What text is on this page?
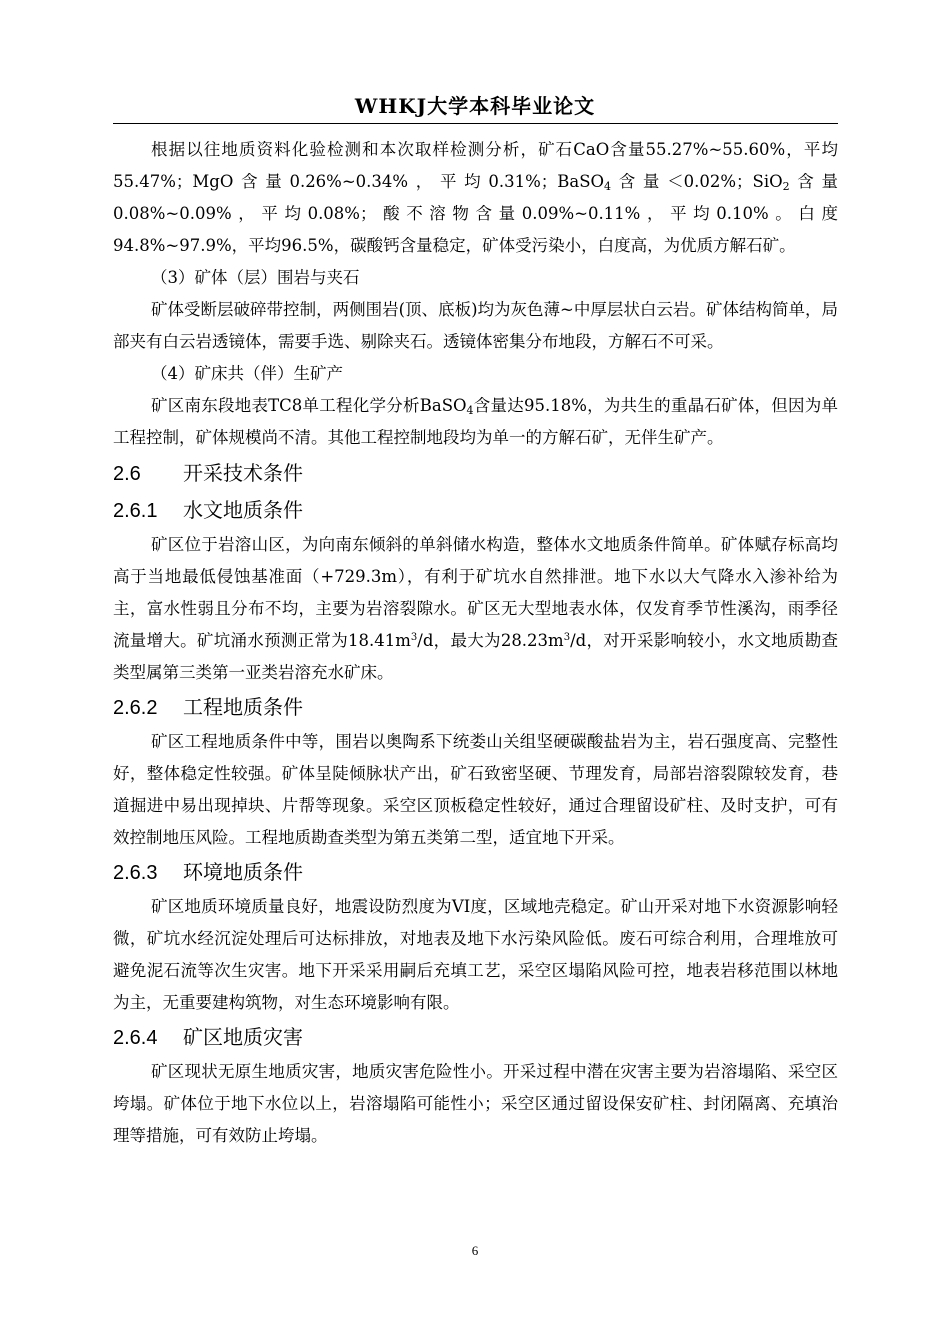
WHKJ大学本科毕业论文

根据以往地质资料化验检测和本次取样检测分析，矿石CaO含量55.27%~55.60%，平均55.47%；MgO含量0.26%~0.34%，平均0.31%；BaSO$_4$含量＜0.02%；SiO$_2$含量0.08%~0.09%，平均0.08%；酸不溶物含量0.09%~0.11%，平均0.10%。白度94.8%~97.9%，平均96.5%，碳酸钙含量稳定，矿体受污染小，白度高，为优质方解石矿。

（3）矿体（层）围岩与夹石

矿体受断层破碎带控制，两侧围岩(顶、底板)均为灰色薄~中厚层状白云岩。矿体结构简单，局部夹有白云岩透镜体，需要手选、剔除夹石。透镜体密集分布地段，方解石不可采。

（4）矿床共（伴）生矿产

矿区南东段地表TC8单工程化学分析BaSO$_4$含量达95.18%，为共生的重晶石矿体，但因为单工程控制，矿体规模尚不清。其他工程控制地段均为单一的方解石矿，无伴生矿产。

2.6 开采技术条件
2.6.1 水文地质条件

矿区位于岩溶山区，为向南东倾斜的单斜储水构造，整体水文地质条件简单。矿体赋存标高均高于当地最低侵蚀基准面（+729.3m），有利于矿坑水自然排泄。地下水以大气降水入渗补给为主，富水性弱且分布不均，主要为岩溶裂隙水。矿区无大型地表水体，仅发育季节性溪沟，雨季径流量增大。矿坑涌水预测正常为$18.41m^3/d$，最大为$28.23m^3/d$，对开采影响较小，水文地质勘查类型属第三类第一亚类岩溶充水矿床。

2.6.2 工程地质条件

矿区工程地质条件中等，围岩以奥陶系下统娄山关组坚硬碳酸盐岩为主，岩石强度高、完整性好，整体稳定性较强。矿体呈陡倾脉状产出，矿石致密坚硬、节理发育，局部岩溶裂隙较发育，巷道掘进中易出现掉块、片帮等现象。采空区顶板稳定性较好，通过合理留设矿柱、及时支护，可有效控制地压风险。工程地质勘查类型为第五类第二型，适宜地下开采。

2.6.3 环境地质条件

矿区地质环境质量良好，地震设防烈度为VI度，区域地壳稳定。矿山开采对地下水资源影响轻微，矿坑水经沉淀处理后可达标排放，对地表及地下水污染风险低。废石可综合利用，合理堆放可避免泥石流等次生灾害。地下开采采用嗣后充填工艺，采空区塌陷风险可控，地表岩移范围以林地为主，无重要建构筑物，对生态环境影响有限。

2.6.4 矿区地质灾害

矿区现状无原生地质灾害，地质灾害危险性小。开采过程中潜在灾害主要为岩溶塌陷、采空区垮塌。矿体位于地下水位以上，岩溶塌陷可能性小；采空区通过留设保安矿柱、封闭隔离、充填治理等措施，可有效防止垮塌。

6
